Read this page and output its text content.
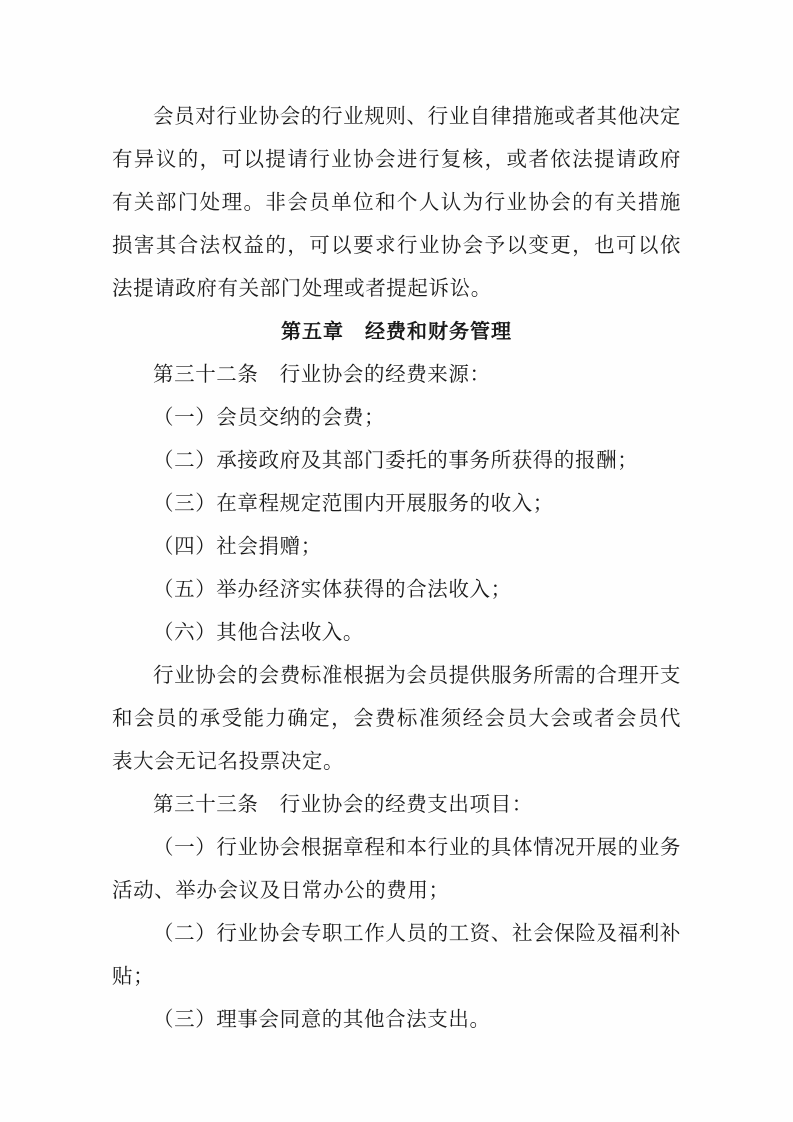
会员对行业协会的行业规则、行业自律措施或者其他决定有异议的，可以提请行业协会进行复核，或者依法提请政府有关部门处理。非会员单位和个人认为行业协会的有关措施损害其合法权益的，可以要求行业协会予以变更，也可以依法提请政府有关部门处理或者提起诉讼。

第五章　经费和财务管理

第三十二条　行业协会的经费来源：

（一）会员交纳的会费；

（二）承接政府及其部门委托的事务所获得的报酬；

（三）在章程规定范围内开展服务的收入；

（四）社会捐赠；

（五）举办经济实体获得的合法收入；

（六）其他合法收入。

行业协会的会费标准根据为会员提供服务所需的合理开支和会员的承受能力确定，会费标准须经会员大会或者会员代表大会无记名投票决定。

第三十三条　行业协会的经费支出项目：

（一）行业协会根据章程和本行业的具体情况开展的业务活动、举办会议及日常办公的费用；

（二）行业协会专职工作人员的工资、社会保险及福利补贴；

（三）理事会同意的其他合法支出。
